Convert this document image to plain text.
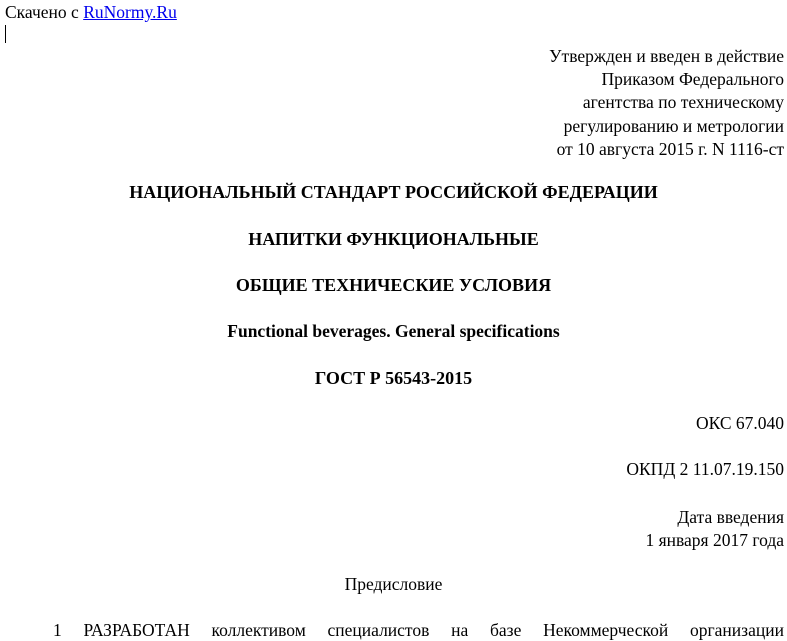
Скачено с RuNormy.Ru
Утвержден и введен в действие
Приказом Федерального
агентства по техническому
регулированию и метрологии
от 10 августа 2015 г. N 1116-ст
НАЦИОНАЛЬНЫЙ СТАНДАРТ РОССИЙСКОЙ ФЕДЕРАЦИИ
НАПИТКИ ФУНКЦИОНАЛЬНЫЕ
ОБЩИЕ ТЕХНИЧЕСКИЕ УСЛОВИЯ
Functional beverages. General specifications
ГОСТ Р 56543-2015
ОКС 67.040
ОКПД 2 11.07.19.150
Дата введения
1 января 2017 года
Предисловие
1 РАЗРАБОТАН коллективом специалистов на базе Некоммерческой организации
